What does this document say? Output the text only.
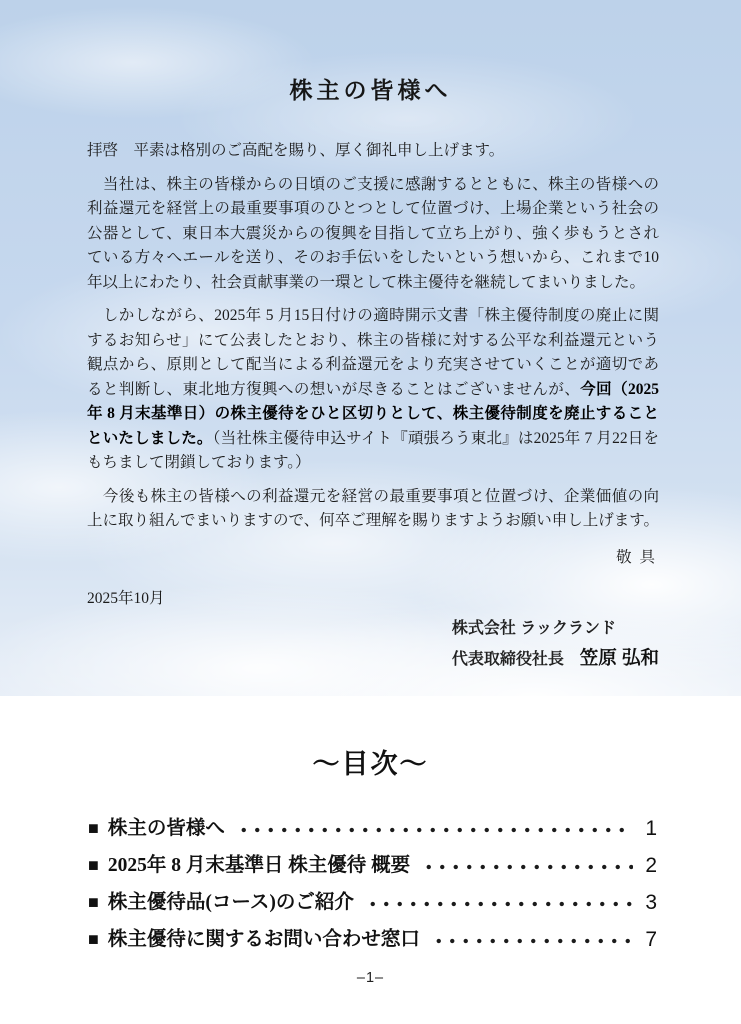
株主の皆様へ

拝啓　平素は格別のご高配を賜り、厚く御礼申し上げます。

　当社は、株主の皆様からの日頃のご支援に感謝するとともに、株主の皆様への利益還元を経営上の最重要事項のひとつとして位置づけ、上場企業という社会の公器として、東日本大震災からの復興を目指して立ち上がり、強く歩もうとされている方々へエールを送り、そのお手伝いをしたいという想いから、これまで10年以上にわたり、社会貢献事業の一環として株主優待を継続してまいりました。

　しかしながら、2025年 5 月15日付けの適時開示文書「株主優待制度の廃止に関するお知らせ」にて公表したとおり、株主の皆様に対する公平な利益還元という観点から、原則として配当による利益還元をより充実させていくことが適切であると判断し、東北地方復興への想いが尽きることはございませんが、今回（2025年 8 月末基準日）の株主優待をひと区切りとして、株主優待制度を廃止することといたしました。（当社株主優待申込サイト『頑張ろう東北』は2025年 7 月22日をもちまして閉鎖しております。）

　今後も株主の皆様への利益還元を経営の最重要事項と位置づけ、企業価値の向上に取り組んでまいりますので、何卒ご理解を賜りますようお願い申し上げます。

敬 具

2025年10月

株式会社 ラックランド
代表取締役社長 笠原 弘和
～目次～
■ 株主の皆様へ	1
■ 2025年 8 月末基準日 株主優待 概要	2
■ 株主優待品(コース)のご紹介	3
■ 株主優待に関するお問い合わせ窓口	7
–1–
